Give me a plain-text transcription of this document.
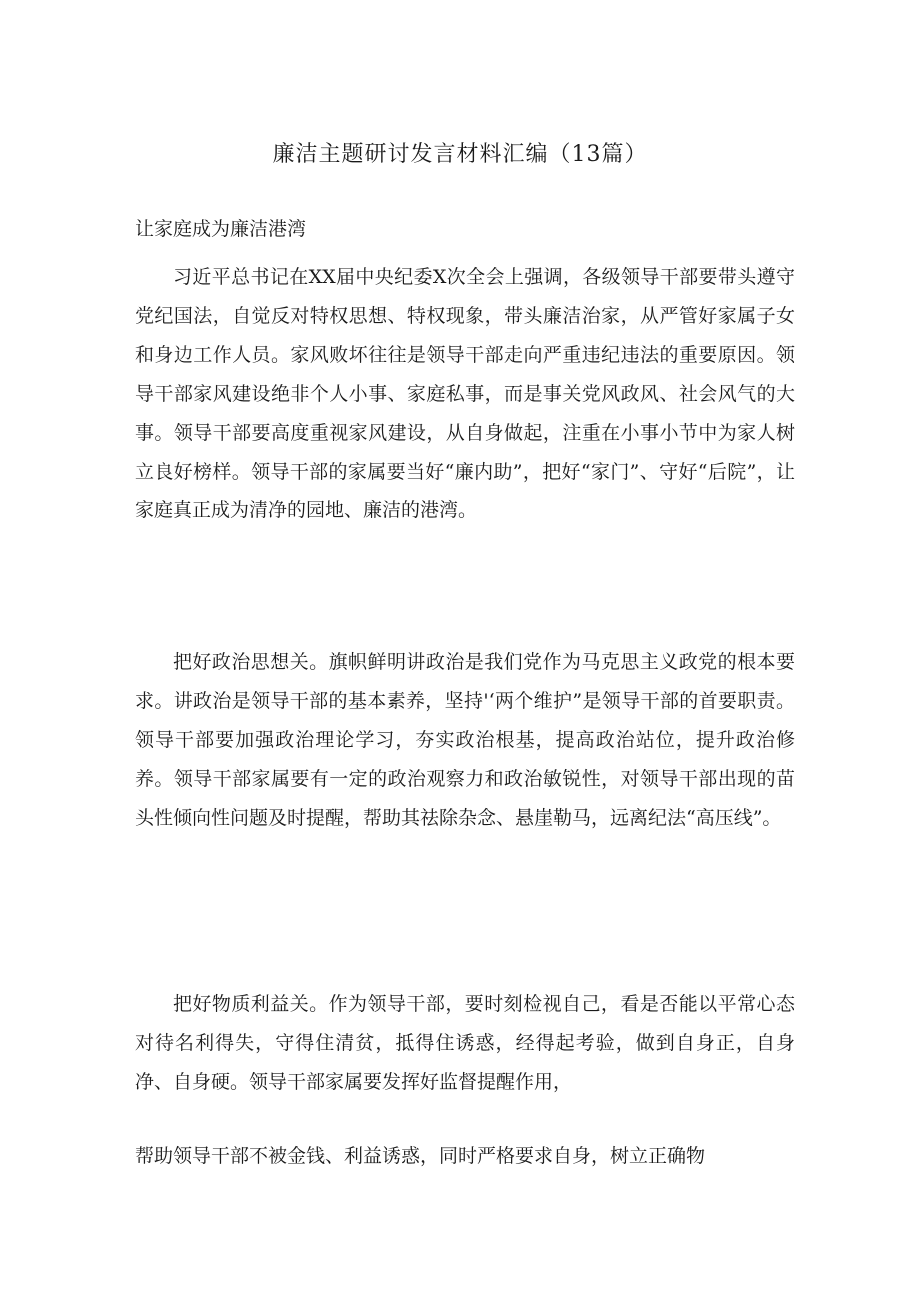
廉洁主题研讨发言材料汇编（13篇）
让家庭成为廉洁港湾

习近平总书记在XX届中央纪委X次全会上强调，各级领导干部要带头遵守党纪国法，自觉反对特权思想、特权现象，带头廉洁治家，从严管好家属子女和身边工作人员。家风败坏往往是领导干部走向严重违纪违法的重要原因。领导干部家风建设绝非个人小事、家庭私事，而是事关党风政风、社会风气的大事。领导干部要高度重视家风建设，从自身做起，注重在小事小节中为家人树立良好榜样。领导干部的家属要当好“廉内助”，把好“家门”、守好“后院”，让家庭真正成为清净的园地、廉洁的港湾。

把好政治思想关。旗帜鲜明讲政治是我们党作为马克思主义政党的根本要求。讲政治是领导干部的基本素养，坚持'‘两个维护”是领导干部的首要职责。领导干部要加强政治理论学习，夯实政治根基，提高政治站位，提升政治修养。领导干部家属要有一定的政治观察力和政治敏锐性，对领导干部出现的苗头性倾向性问题及时提醒，帮助其祛除杂念、悬崖勒马，远离纪法“高压线”。

把好物质利益关。作为领导干部，要时刻检视自己，看是否能以平常心态对待名利得失，守得住清贫，抵得住诱惑，经得起考验，做到自身正，自身净、自身硬。领导干部家属要发挥好监督提醒作用，

帮助领导干部不被金钱、利益诱惑，同时严格要求自身，树立正确物
